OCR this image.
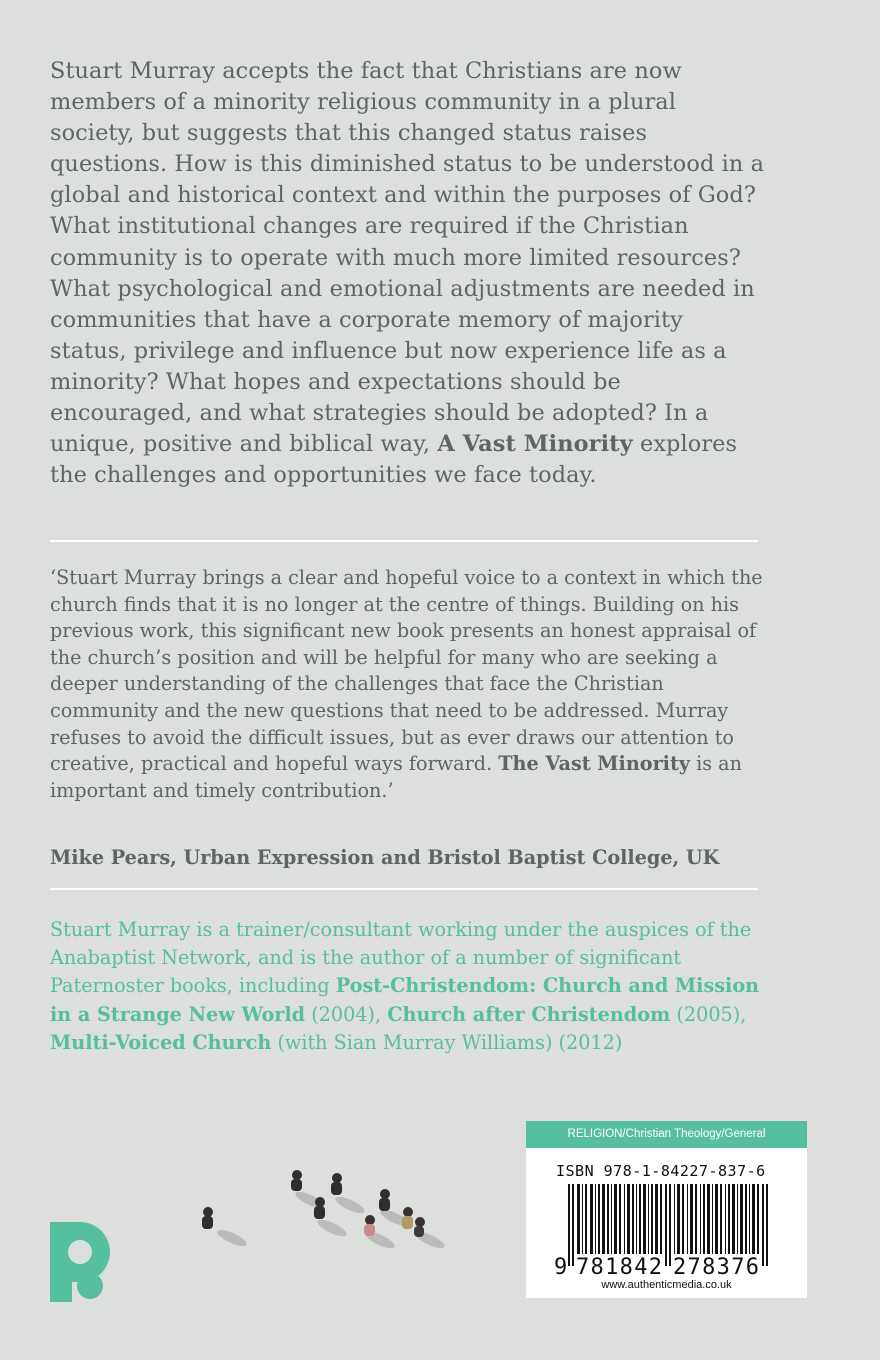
Stuart Murray accepts the fact that Christians are now members of a minority religious community in a plural society, but suggests that this changed status raises questions. How is this diminished status to be understood in a global and historical context and within the purposes of God? What institutional changes are required if the Christian community is to operate with much more limited resources? What psychological and emotional adjustments are needed in communities that have a corporate memory of majority status, privilege and influence but now experience life as a minority? What hopes and expectations should be encouraged, and what strategies should be adopted? In a unique, positive and biblical way, A Vast Minority explores the challenges and opportunities we face today.

‘Stuart Murray brings a clear and hopeful voice to a context in which the church finds that it is no longer at the centre of things. Building on his previous work, this significant new book presents an honest appraisal of the church’s position and will be helpful for many who are seeking a deeper understanding of the challenges that face the Christian community and the new questions that need to be addressed. Murray refuses to avoid the difficult issues, but as ever draws our attention to creative, practical and hopeful ways forward. The Vast Minority is an important and timely contribution.’

Mike Pears, Urban Expression and Bristol Baptist College, UK

Stuart Murray is a trainer/consultant working under the auspices of the Anabaptist Network, and is the author of a number of significant Paternoster books, including Post-Christendom: Church and Mission in a Strange New World (2004), Church after Christendom (2005), Multi-Voiced Church (with Sian Murray Williams) (2012)

RELIGION/Christian Theology/General
ISBN 978-1-84227-837-6
9 781842 278376
www.authenticmedia.co.uk
